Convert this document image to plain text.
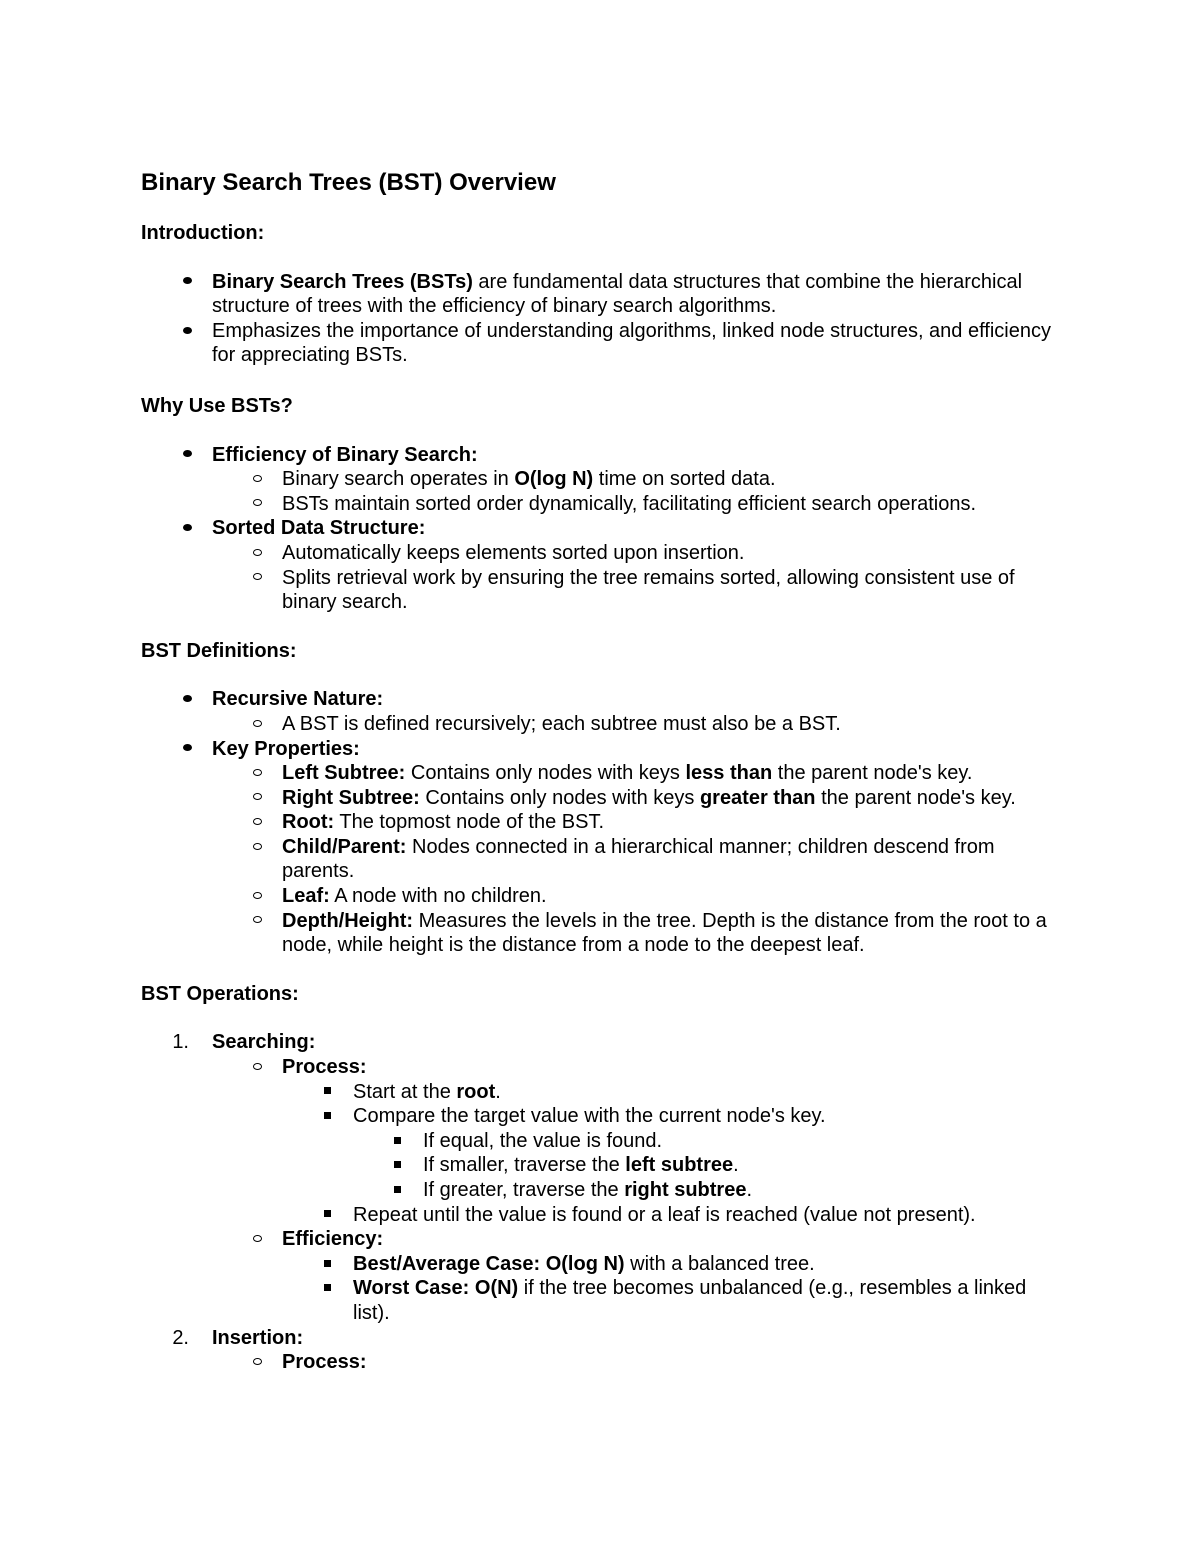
Binary Search Trees (BST) Overview

Introduction:

Binary Search Trees (BSTs) are fundamental data structures that combine the hierarchical structure of trees with the efficiency of binary search algorithms.
Emphasizes the importance of understanding algorithms, linked node structures, and efficiency for appreciating BSTs.

Why Use BSTs?

Efficiency of Binary Search:
Binary search operates in O(log N) time on sorted data.
BSTs maintain sorted order dynamically, facilitating efficient search operations.
Sorted Data Structure:
Automatically keeps elements sorted upon insertion.
Splits retrieval work by ensuring the tree remains sorted, allowing consistent use of binary search.

BST Definitions:

Recursive Nature:
A BST is defined recursively; each subtree must also be a BST.
Key Properties:
Left Subtree: Contains only nodes with keys less than the parent node's key.
Right Subtree: Contains only nodes with keys greater than the parent node's key.
Root: The topmost node of the BST.
Child/Parent: Nodes connected in a hierarchical manner; children descend from parents.
Leaf: A node with no children.
Depth/Height: Measures the levels in the tree. Depth is the distance from the root to a node, while height is the distance from a node to the deepest leaf.

BST Operations:

1. Searching:
Process:
Start at the root.
Compare the target value with the current node's key.
If equal, the value is found.
If smaller, traverse the left subtree.
If greater, traverse the right subtree.
Repeat until the value is found or a leaf is reached (value not present).
Efficiency:
Best/Average Case: O(log N) with a balanced tree.
Worst Case: O(N) if the tree becomes unbalanced (e.g., resembles a linked list).
2. Insertion:
Process:
